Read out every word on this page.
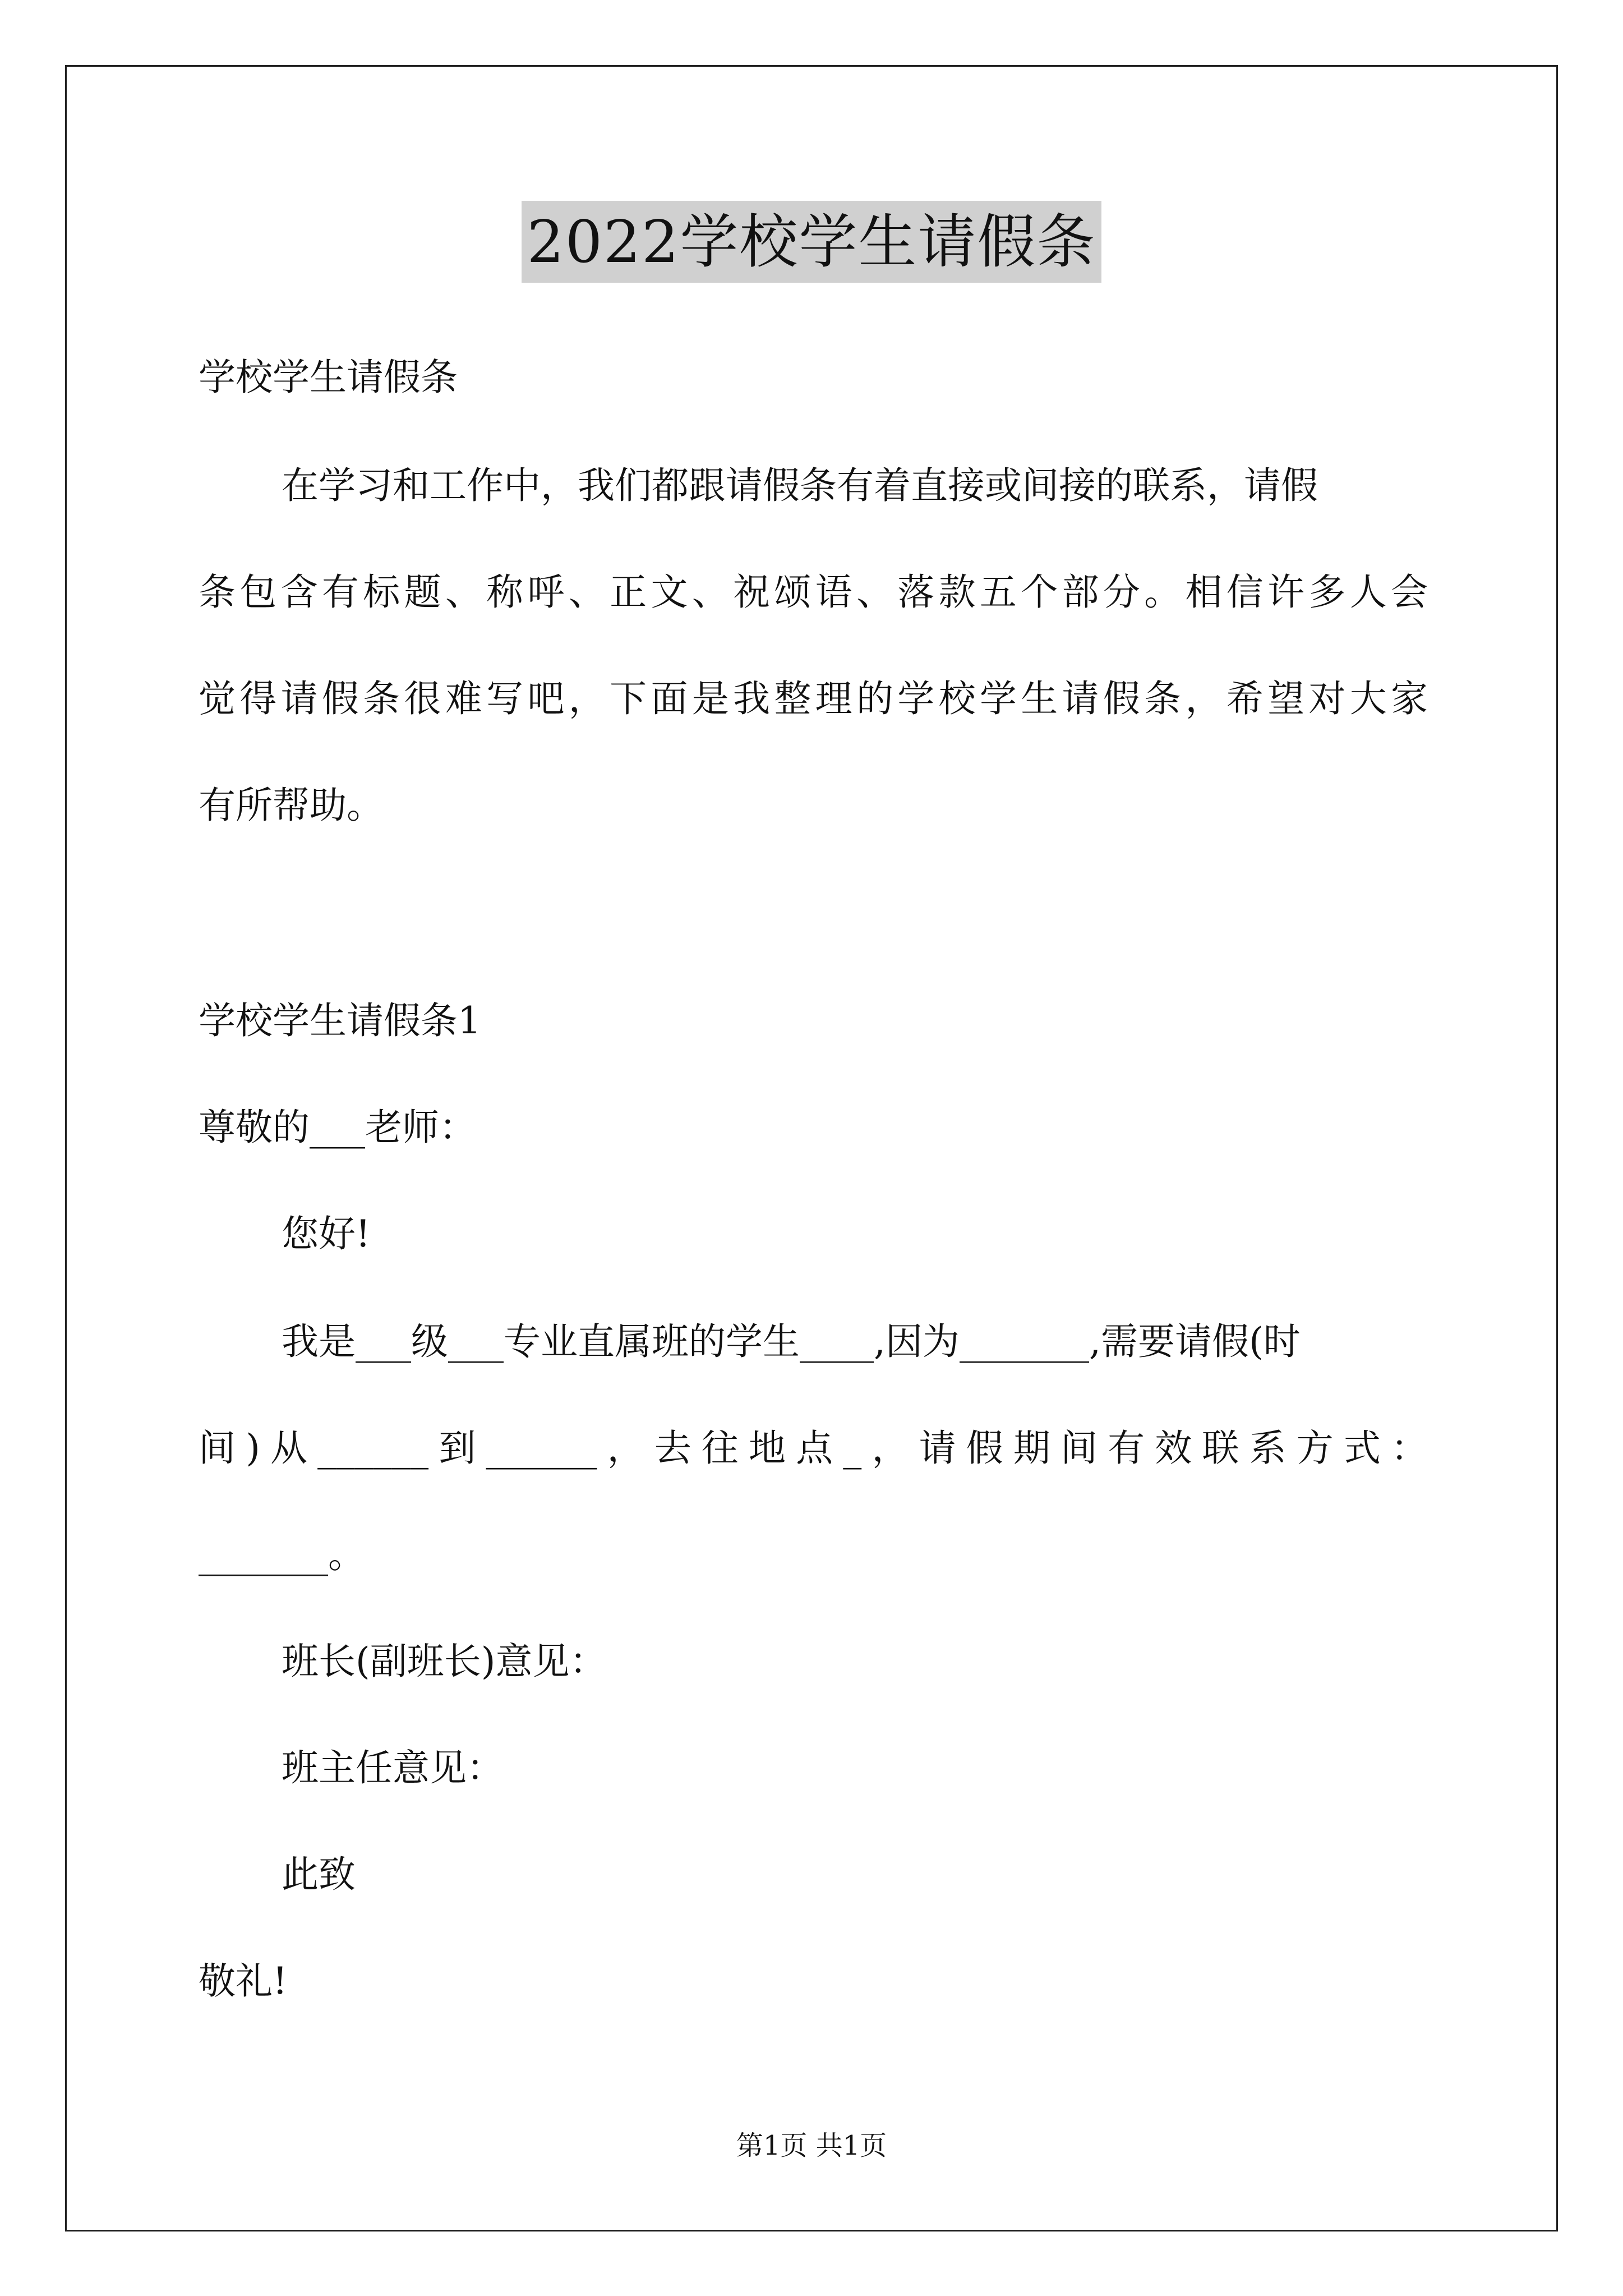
2022学校学生请假条
学校学生请假条
在学习和工作中，我们都跟请假条有着直接或间接的联系，请假
条包含有标题、称呼、正文、祝颂语、落款五个部分。相信许多人会
觉得请假条很难写吧，下面是我整理的学校学生请假条，希望对大家
有所帮助。
学校学生请假条1
尊敬的___老师：
您好!
我是___级___专业直属班的学生____,因为_______,需要请假(时
间)从______到______，去往地点_，请假期间有效联系方式：
_______。
班长(副班长)意见：
班主任意见：
此致
敬礼!
第1页 共1页
